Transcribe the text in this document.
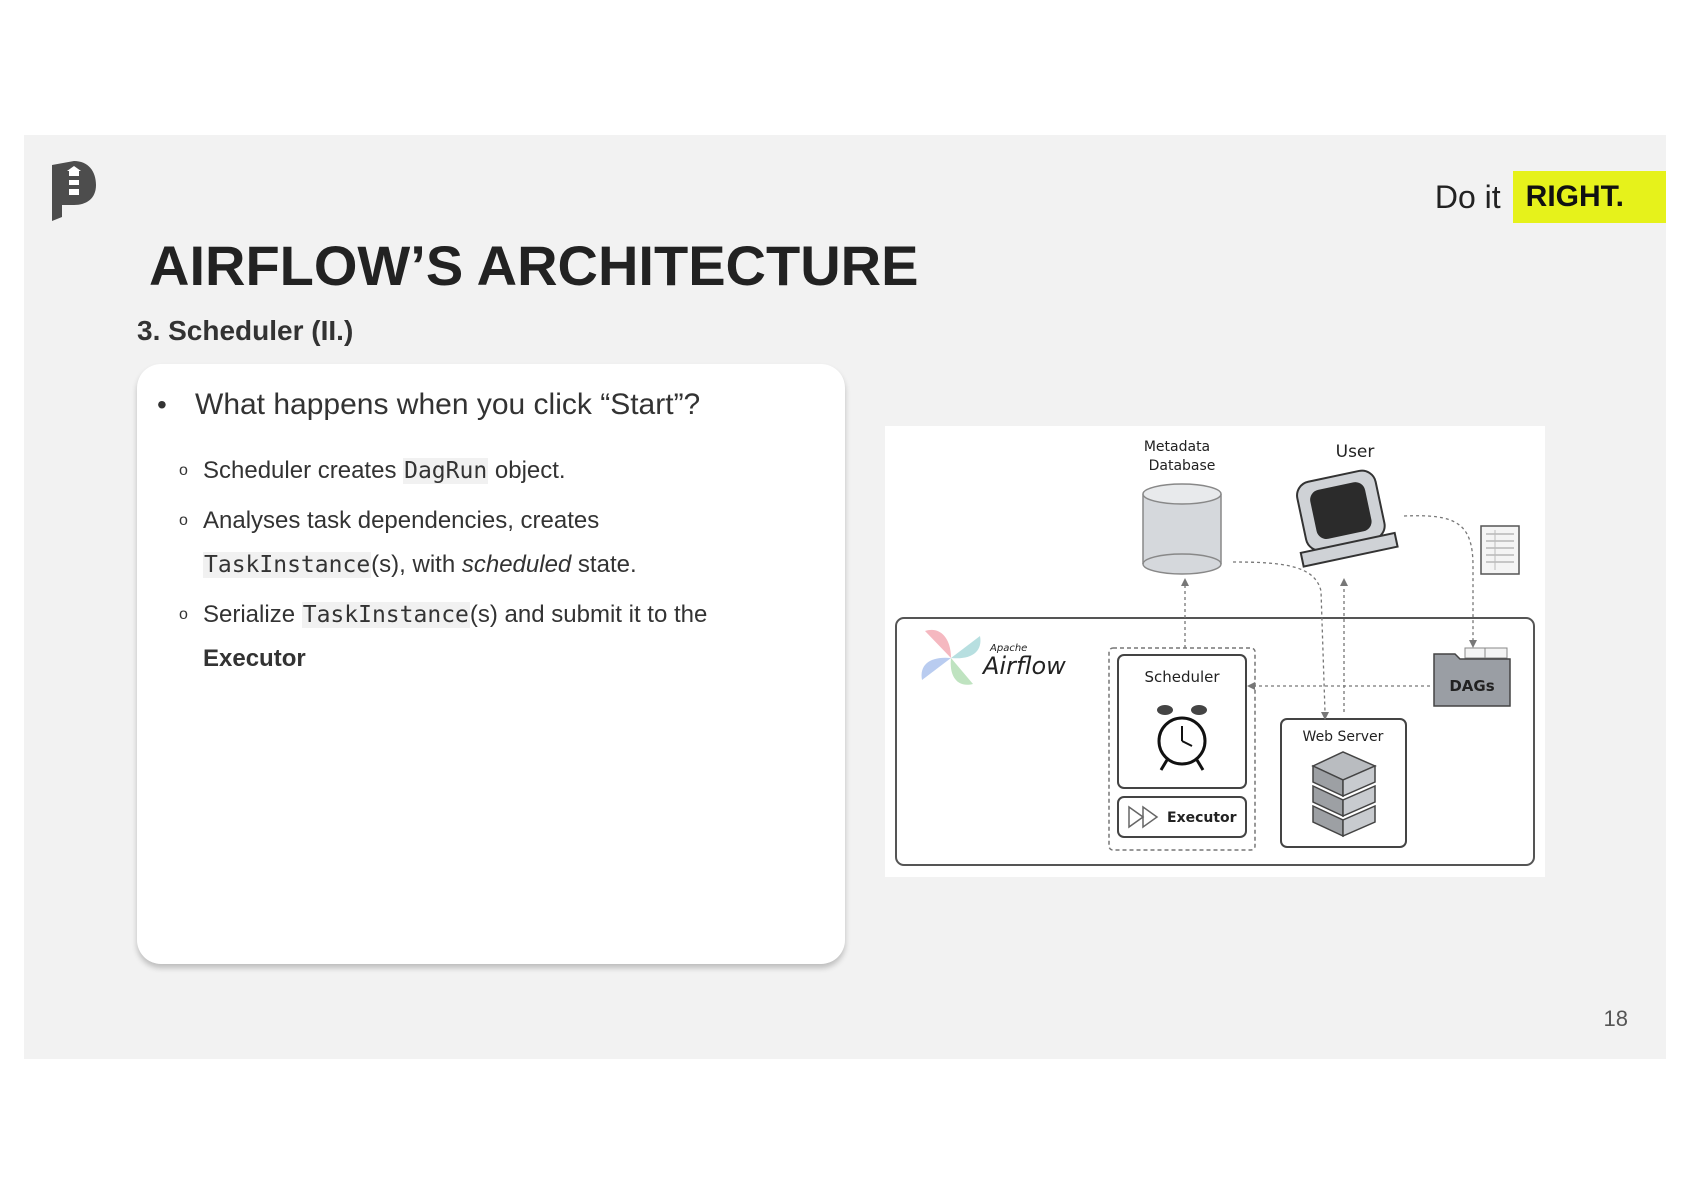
Do it RIGHT.
AIRFLOW’S ARCHITECTURE
3. Scheduler (II.)
• What happens when you click “Start”?
o Scheduler creates DagRun object.
o Analyses task dependencies, creates TaskInstance(s), with scheduled state.
o Serialize TaskInstance(s) and submit it to the
Executor
Metadata
Database
User
Apache
Airflow	Scheduler
Executor
Web Server
DAGs
18
